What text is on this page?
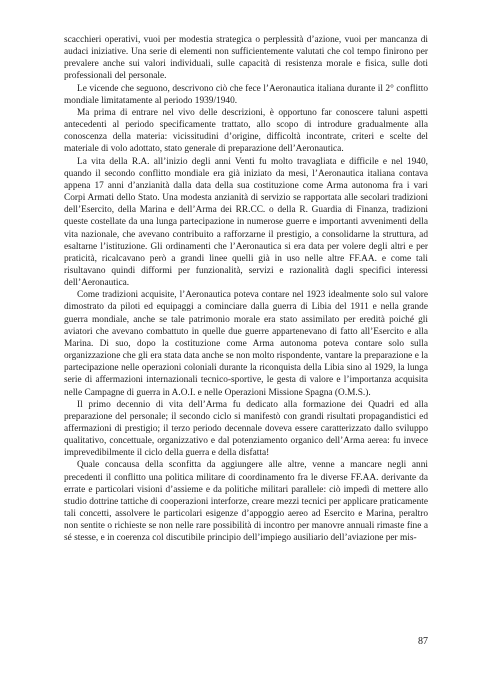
scacchieri operativi, vuoi per modestia strategica o perplessità d’azione, vuoi per mancanza di audaci iniziative. Una serie di elementi non sufficientemente valutati che col tempo finirono per prevalere anche sui valori individuali, sulle capacità di resistenza morale e fisica, sulle doti professionali del personale.

Le vicende che seguono, descrivono ciò che fece l’Aeronautica italiana durante il 2° conflitto mondiale limitatamente al periodo 1939/1940.

Ma prima di entrare nel vivo delle descrizioni, è opportuno far conoscere taluni aspetti antecedenti al periodo specificamente trattato, allo scopo di introdure gradualmente alla conoscenza della materia: vicissitudini d’origine, difficoltà incontrate, criteri e scelte del materiale di volo adottato, stato generale di preparazione dell’Aeronautica.

La vita della R.A. all’inizio degli anni Venti fu molto travagliata e difficile e nel 1940, quando il secondo conflitto mondiale era già iniziato da mesi, l’Aeronautica italiana contava appena 17 anni d’anzianità dalla data della sua costituzione come Arma autonoma fra i vari Corpi Armati dello Stato. Una modesta anzianità di servizio se rapportata alle secolari tradizioni dell’Esercito, della Marina e dell’Arma dei RR.CC. o della R. Guardia di Finanza, tradizioni queste costellate da una lunga partecipazione in numerose guerre e importanti avvenimenti della vita nazionale, che avevano contribuito a rafforzarne il prestigio, a consolidarne la struttura, ad esaltarne l’istituzione. Gli ordinamenti che l’Aeronautica si era data per volere degli altri e per praticità, ricalcavano però a grandi linee quelli già in uso nelle altre FF.AA. e come tali risultavano quindi difformi per funzionalità, servizi e razionalità dagli specifici interessi dell’Aeronautica.

Come tradizioni acquisite, l’Aeronautica poteva contare nel 1923 idealmente solo sul valore dimostrato da piloti ed equipaggi a cominciare dalla guerra di Libia del 1911 e nella grande guerra mondiale, anche se tale patrimonio morale era stato assimilato per eredità poiché gli aviatori che avevano combattuto in quelle due guerre appartenevano di fatto all’Esercito e alla Marina. Di suo, dopo la costituzione come Arma autonoma poteva contare solo sulla organizzazione che gli era stata data anche se non molto rispondente, vantare la preparazione e la partecipazione nelle operazioni coloniali durante la riconquista della Libia sino al 1929, la lunga serie di affermazioni internazionali tecnico-sportive, le gesta di valore e l’importanza acquisita nelle Campagne di guerra in A.O.I. e nelle Operazioni Missione Spagna (O.M.S.).

Il primo decennio di vita dell’Arma fu dedicato alla formazione dei Quadri ed alla preparazione del personale; il secondo ciclo si manifestò con grandi risultati propagandistici ed affermazioni di prestigio; il terzo periodo decennale doveva essere caratterizzato dallo sviluppo qualitativo, concettuale, organizzativo e dal potenziamento organico dell’Arma aerea: fu invece imprevedibilmente il ciclo della guerra e della disfatta!

Quale concausa della sconfitta da aggiungere alle altre, venne a mancare negli anni precedenti il conflitto una politica militare di coordinamento fra le diverse FF.AA. derivante da errate e particolari visioni d’assieme e da politiche militari parallele: ciò impedì di mettere allo studio dottrine tattiche di cooperazioni interforze, creare mezzi tecnici per applicare praticamente tali concetti, assolvere le particolari esigenze d’appoggio aereo ad Esercito e Marina, peraltro non sentite o richieste se non nelle rare possibilità di incontro per manovre annuali rimaste fine a sé stesse, e in coerenza col discutibile principio dell’impiego ausiliario dell’aviazione per mis-

87
